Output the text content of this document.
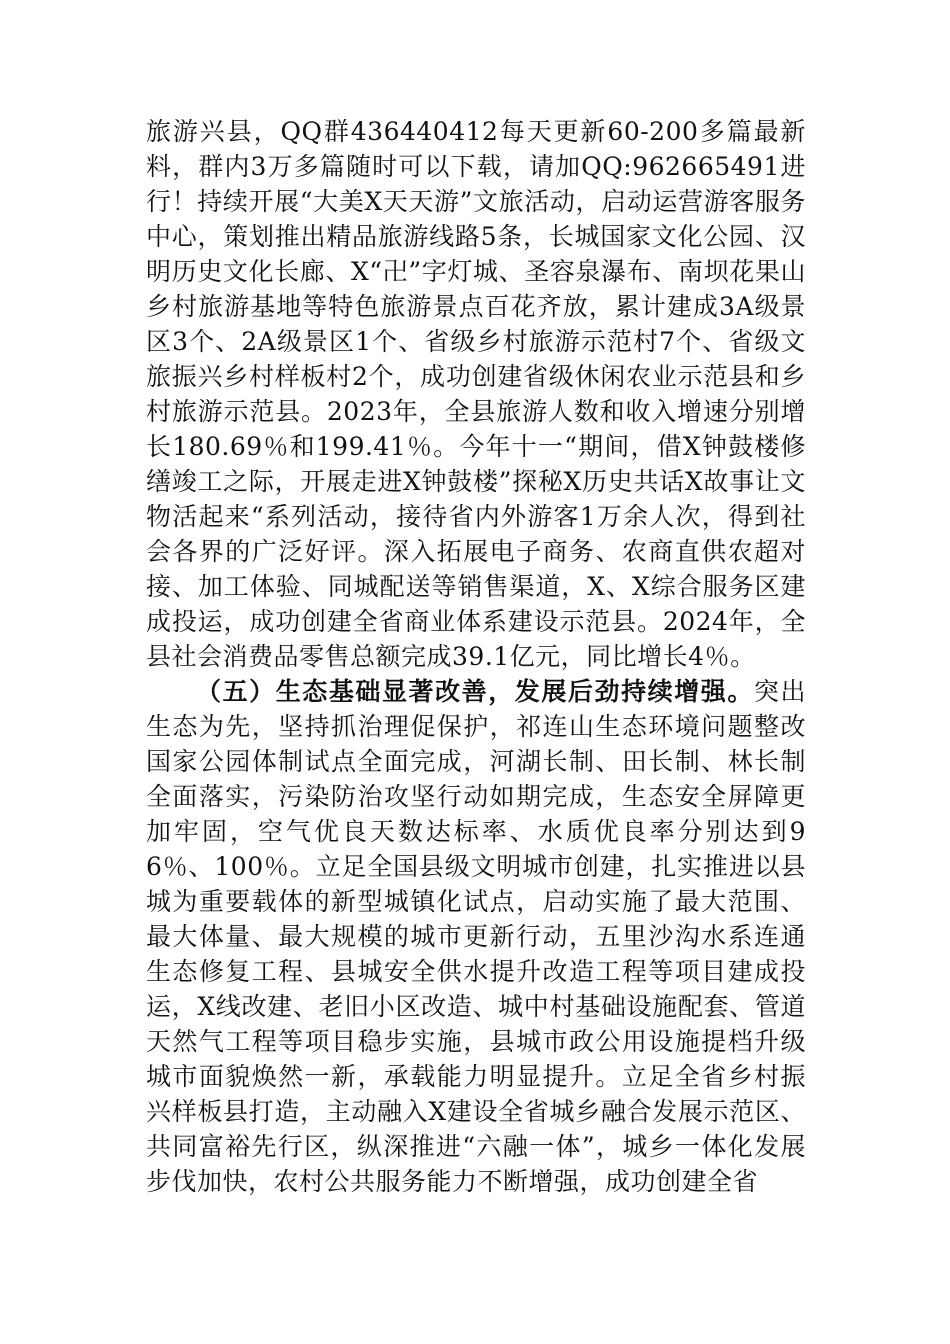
旅游兴县，QQ群436440412每天更新60-200多篇最新料，群内3万多篇随时可以下载，请加QQ:962665491进行！持续开展“大美X天天游”文旅活动，启动运营游客服务中心，策划推出精品旅游线路5条，长城国家文化公园、汉明历史文化长廊、X“卍”字灯城、圣容泉瀑布、南坝花果山乡村旅游基地等特色旅游景点百花齐放，累计建成3A级景区3个、2A级景区1个、省级乡村旅游示范村7个、省级文旅振兴乡村样板村2个，成功创建省级休闲农业示范县和乡村旅游示范县。2023年，全县旅游人数和收入增速分别增长180.69％和199.41％。今年十一“期间，借X钟鼓楼修缮竣工之际，开展走进X钟鼓楼”探秘X历史共话X故事让文物活起来“系列活动，接待省内外游客1万余人次，得到社会各界的广泛好评。深入拓展电子商务、农商直供农超对接、加工体验、同城配送等销售渠道，X、X综合服务区建成投运，成功创建全省商业体系建设示范县。2024年，全县社会消费品零售总额完成39.1亿元，同比增长4％。

（五）生态基础显著改善，发展后劲持续增强。突出生态为先，坚持抓治理促保护，祁连山生态环境问题整改国家公园体制试点全面完成，河湖长制、田长制、林长制全面落实，污染防治攻坚行动如期完成，生态安全屏障更加牢固，空气优良天数达标率、水质优良率分别达到96％、100％。立足全国县级文明城市创建，扎实推进以县城为重要载体的新型城镇化试点，启动实施了最大范围、最大体量、最大规模的城市更新行动，五里沙沟水系连通生态修复工程、县城安全供水提升改造工程等项目建成投运，X线改建、老旧小区改造、城中村基础设施配套、管道天然气工程等项目稳步实施，县城市政公用设施提档升级城市面貌焕然一新，承载能力明显提升。立足全省乡村振兴样板县打造，主动融入X建设全省城乡融合发展示范区、共同富裕先行区，纵深推进“六融一体”，城乡一体化发展步伐加快，农村公共服务能力不断增强，成功创建全省
